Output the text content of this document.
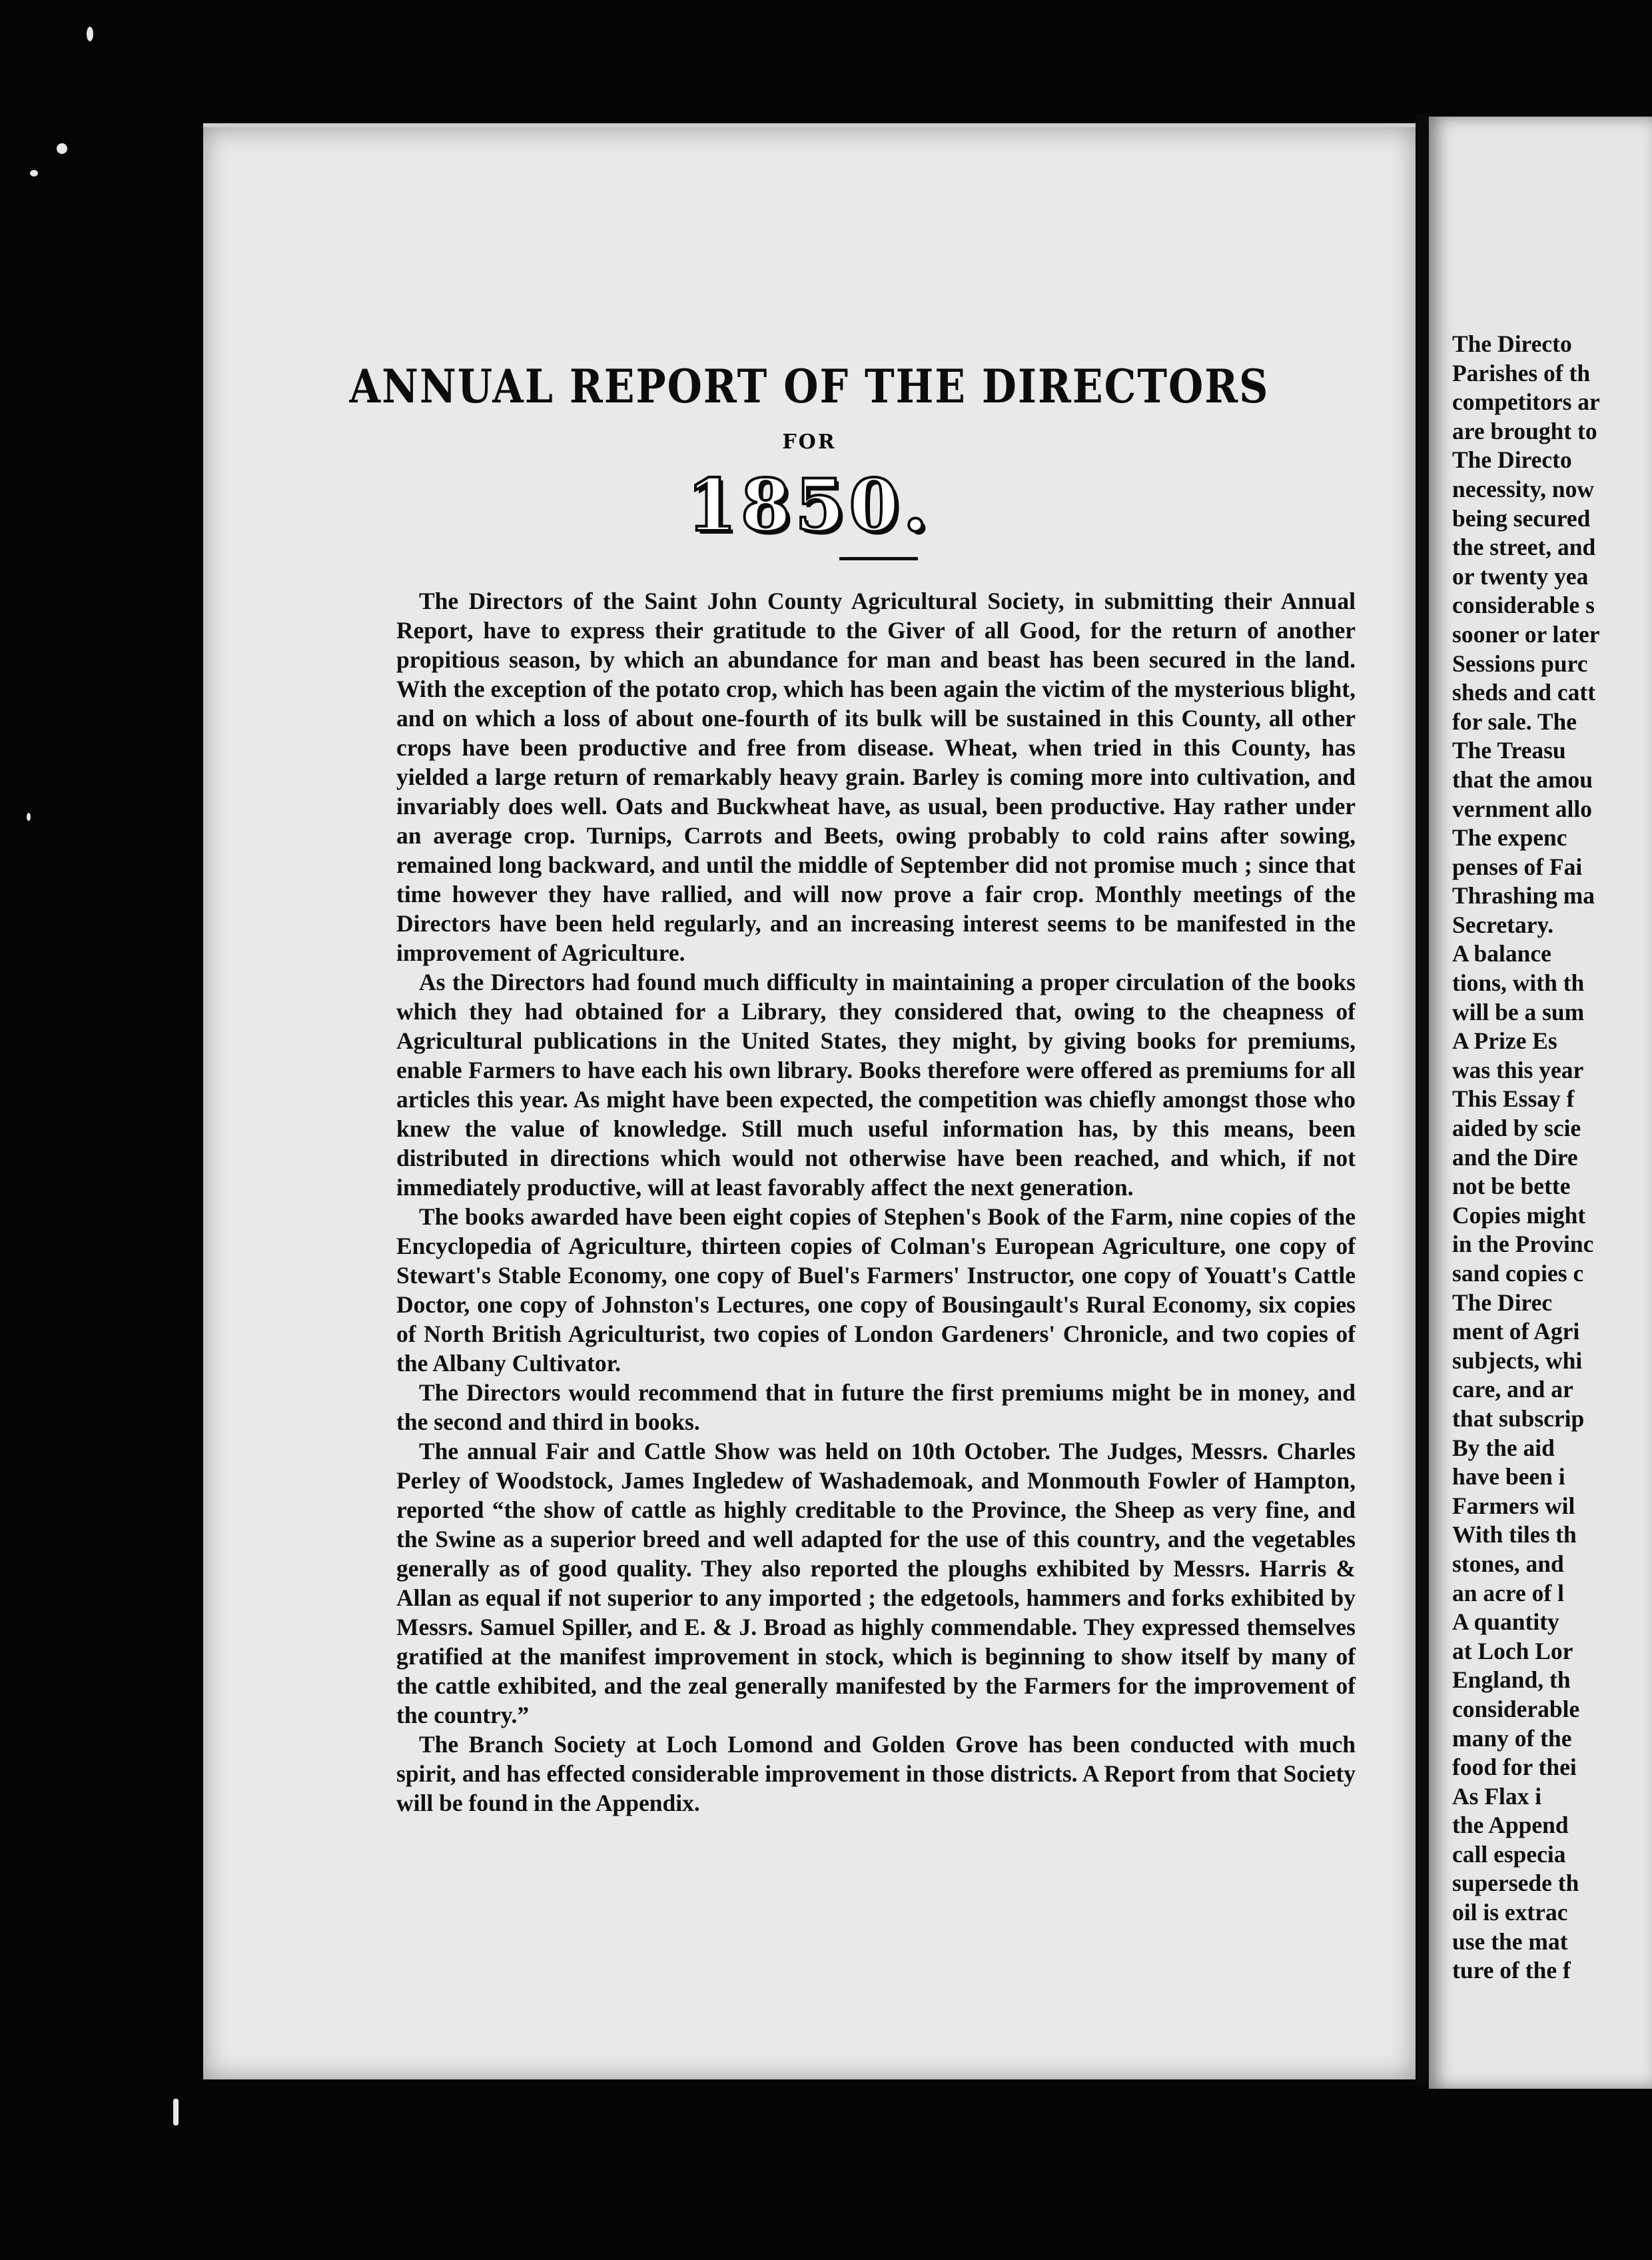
ANNUAL REPORT OF THE DIRECTORS
FOR
1850.

The Directors of the Saint John County Agricultural Society, in submitting their Annual Report, have to express their gratitude to the Giver of all Good, for the return of another propitious season, by which an abundance for man and beast has been secured in the land. With the exception of the potato crop, which has been again the victim of the mysterious blight, and on which a loss of about one-fourth of its bulk will be sustained in this County, all other crops have been productive and free from disease. Wheat, when tried in this County, has yielded a large return of remarkably heavy grain. Barley is coming more into cultivation, and invariably does well. Oats and Buckwheat have, as usual, been productive. Hay rather under an average crop. Turnips, Carrots and Beets, owing probably to cold rains after sowing, remained long backward, and until the middle of September did not promise much ; since that time however they have rallied, and will now prove a fair crop. Monthly meetings of the Directors have been held regularly, and an increasing interest seems to be manifested in the improvement of Agriculture.

As the Directors had found much difficulty in maintaining a proper circulation of the books which they had obtained for a Library, they considered that, owing to the cheapness of Agricultural publications in the United States, they might, by giving books for premiums, enable Farmers to have each his own library. Books therefore were offered as premiums for all articles this year. As might have been expected, the competition was chiefly amongst those who knew the value of knowledge. Still much useful information has, by this means, been distributed in directions which would not otherwise have been reached, and which, if not immediately productive, will at least favorably affect the next generation.

The books awarded have been eight copies of Stephen's Book of the Farm, nine copies of the Encyclopedia of Agriculture, thirteen copies of Colman's European Agriculture, one copy of Stewart's Stable Economy, one copy of Buel's Farmers' Instructor, one copy of Youatt's Cattle Doctor, one copy of Johnston's Lectures, one copy of Bousingault's Rural Economy, six copies of North British Agriculturist, two copies of London Gardeners' Chronicle, and two copies of the Albany Cultivator.

The Directors would recommend that in future the first premiums might be in money, and the second and third in books.

The annual Fair and Cattle Show was held on 10th October. The Judges, Messrs. Charles Perley of Woodstock, James Ingledew of Washademoak, and Monmouth Fowler of Hampton, reported “the show of cattle as highly creditable to the Province, the Sheep as very fine, and the Swine as a superior breed and well adapted for the use of this country, and the vegetables generally as of good quality. They also reported the ploughs exhibited by Messrs. Harris & Allan as equal if not superior to any imported ; the edgetools, hammers and forks exhibited by Messrs. Samuel Spiller, and E. & J. Broad as highly commendable. They expressed themselves gratified at the manifest improvement in stock, which is beginning to show itself by many of the cattle exhibited, and the zeal generally manifested by the Farmers for the improvement of the country.”

The Branch Society at Loch Lomond and Golden Grove has been conducted with much spirit, and has effected considerable improvement in those districts. A Report from that Society will be found in the Appendix.

The Directo
Parishes of th
competitors ar
are brought to
The Directo
necessity, now
being secured
the street, and
or twenty yea
considerable s
sooner or later
Sessions purc
sheds and catt
for sale. The
The Treasu
that the amou
vernment allo
The expenc
penses of Fai
Thrashing ma
Secretary.
A balance
tions, with th
will be a sum
A Prize Es
was this year
This Essay f
aided by scie
and the Dire
not be bette
Copies might
in the Provinc
sand copies c
The Direc
ment of Agri
subjects, whi
care, and ar
that subscrip
By the aid
have been i
Farmers wil
With tiles th
stones, and
an acre of l
A quantity
at Loch Lor
England, th
considerable
many of the
food for thei
As Flax i
the Append
call especia
supersede th
oil is extrac
use the mat
ture of the f
